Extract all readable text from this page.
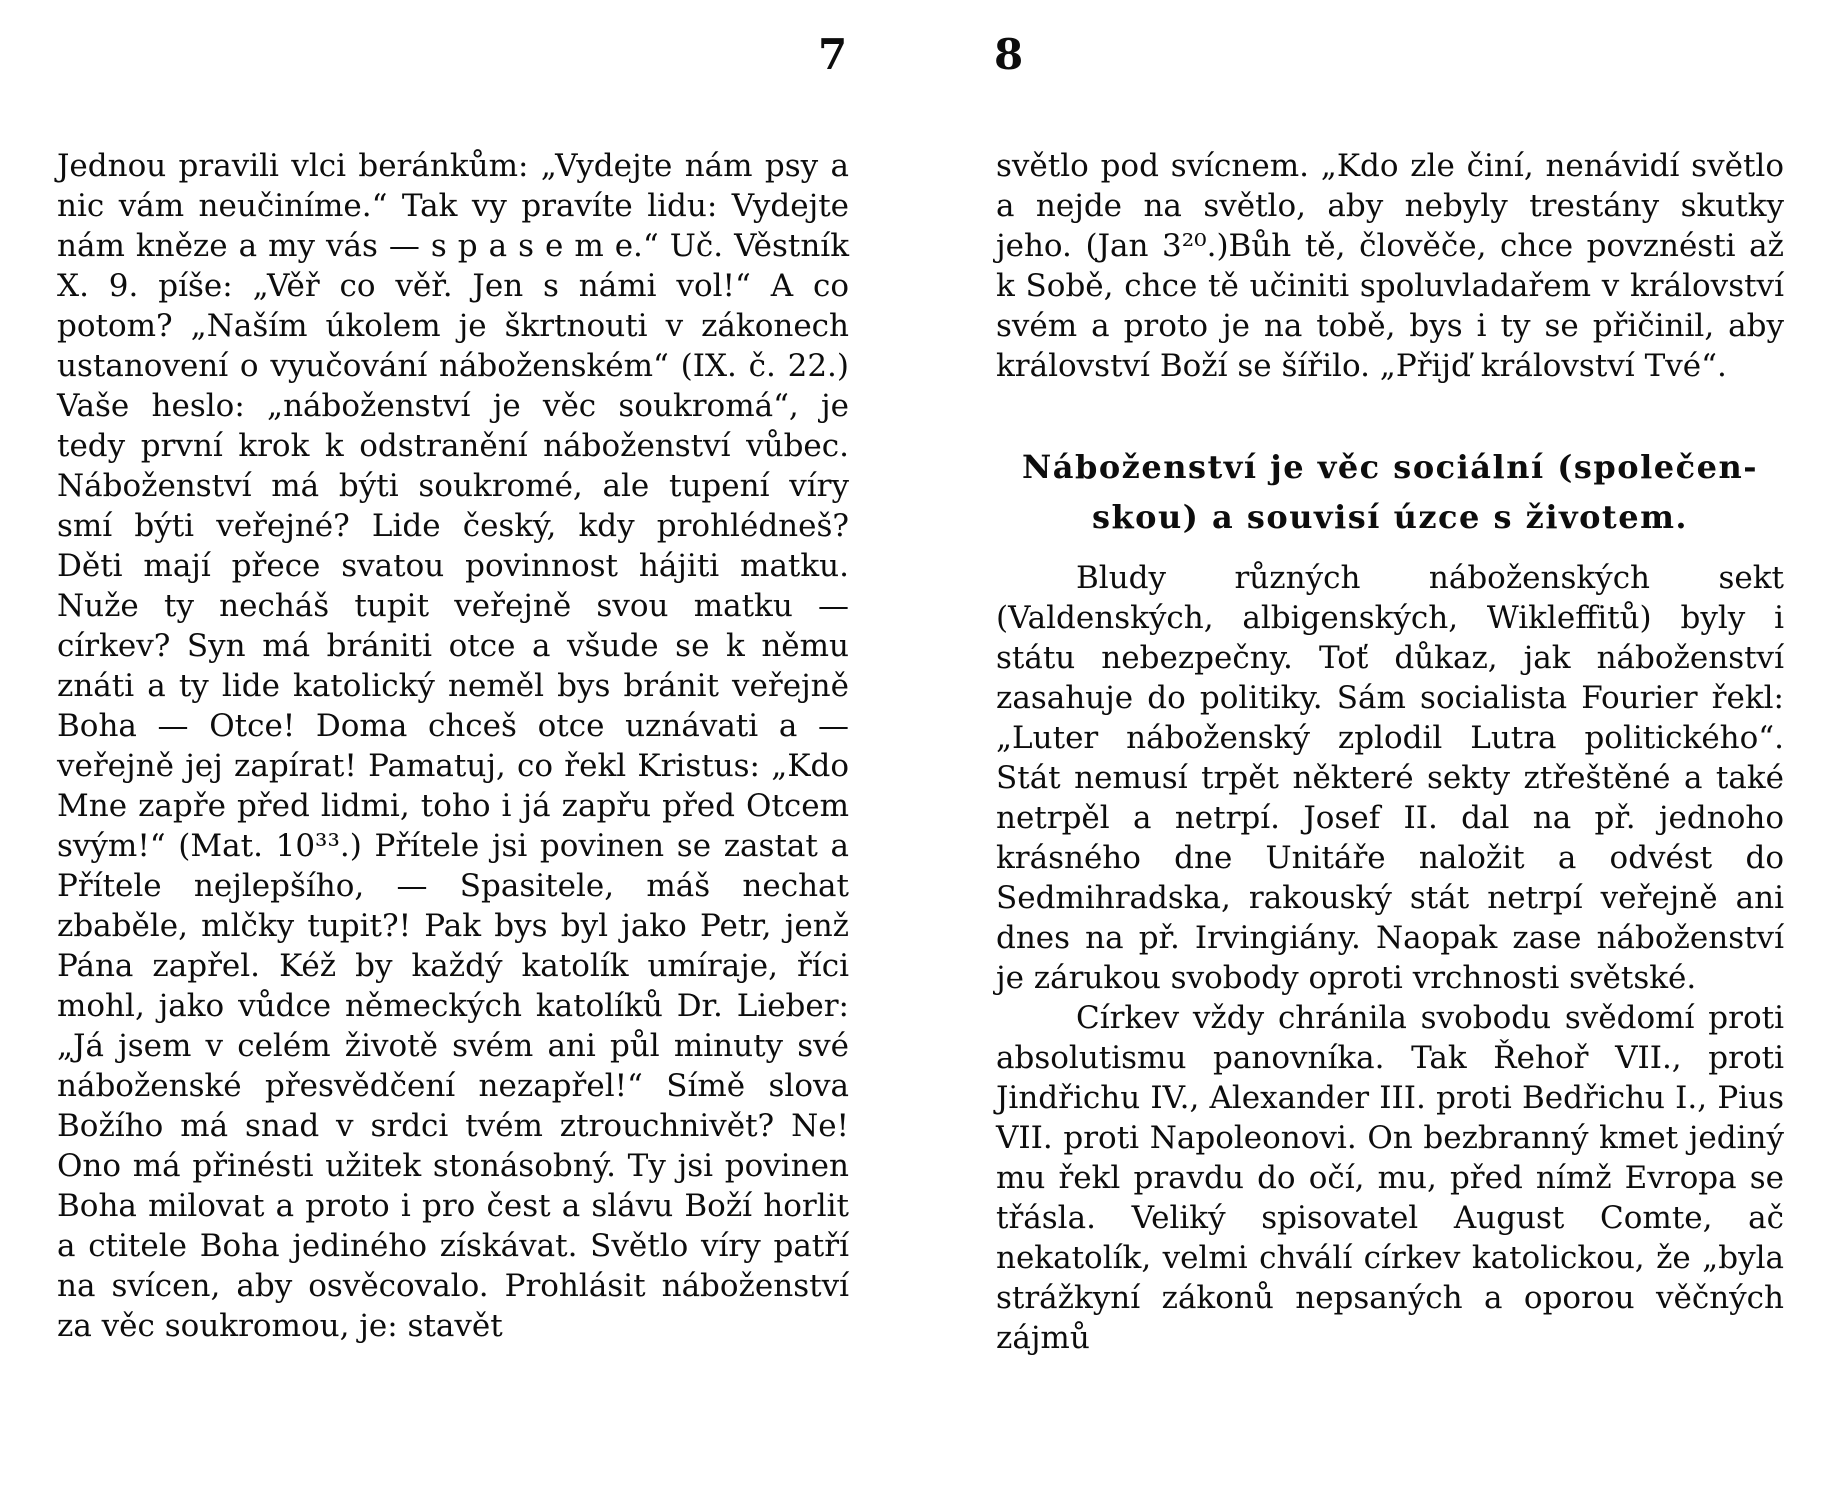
7	8

Jednou pravili vlci beránkům: „Vydejte nám psy a nic vám neučiníme.“ Tak vy pravíte lidu: Vydejte nám kněze a my vás — s p a s e m e.“ Uč. Věstník X. 9. píše: „Věř co věř. Jen s námi vol!“ A co potom? „Naším úkolem je škrtnouti v zákonech ustanovení o vyučování náboženském“ (IX. č. 22.) Vaše heslo: „náboženství je věc soukromá“, je tedy první krok k odstranění náboženství vůbec. Náboženství má býti soukromé, ale tupení víry smí býti veřejné? Lide český, kdy prohlédneš? Děti mají přece svatou povinnost hájiti matku. Nuže ty necháš tupit veřejně svou matku — církev? Syn má brániti otce a všude se k němu znáti a ty lide katolický neměl bys bránit veřejně Boha — Otce! Doma chceš otce uznávati a — veřejně jej zapírat! Pamatuj, co řekl Kristus: „Kdo Mne zapře před lidmi, toho i já zapřu před Otcem svým!“ (Mat. 10³³.) Přítele jsi povinen se zastat a Přítele nejlepšího, — Spasitele, máš nechat zbaběle, mlčky tupit?! Pak bys byl jako Petr, jenž Pána zapřel. Kéž by každý katolík umíraje, říci mohl, jako vůdce německých katolíků Dr. Lieber: „Já jsem v celém životě svém ani půl minuty své náboženské přesvědčení nezapřel!“ Símě slova Božího má snad v srdci tvém ztrouchnivět? Ne! Ono má přinésti užitek stonásobný. Ty jsi povinen Boha milovat a proto i pro čest a slávu Boží horlit a ctitele Boha jediného získávat. Světlo víry patří na svícen, aby osvěcovalo. Prohlásit náboženství za věc soukromou, je: stavět

světlo pod svícnem. „Kdo zle činí, nenávidí světlo a nejde na světlo, aby nebyly trestány skutky jeho. (Jan 3²⁰.)Bůh tě, člověče, chce povznésti až k Sobě, chce tě učiniti spoluvladařem v království svém a proto je na tobě, bys i ty se přičinil, aby království Boží se šířilo. „Přijď království Tvé“.

Náboženství je věc sociální (společen-
skou) a souvisí úzce s životem.

Bludy různých náboženských sekt (Valdenských, albigenských, Wikleffitů) byly i státu nebezpečny. Toť důkaz, jak náboženství zasahuje do politiky. Sám socialista Fourier řekl: „Luter náboženský zplodil Lutra politického“. Stát nemusí trpět některé sekty ztřeštěné a také netrpěl a netrpí. Josef II. dal na př. jednoho krásného dne Unitáře naložit a odvést do Sedmihradska, rakouský stát netrpí veřejně ani dnes na př. Irvingiány. Naopak zase náboženství je zárukou svobody oproti vrchnosti světské.

Církev vždy chránila svobodu svědomí proti absolutismu panovníka. Tak Řehoř VII., proti Jindřichu IV., Alexander III. proti Bedřichu I., Pius VII. proti Napoleonovi. On bezbranný kmet jediný mu řekl pravdu do očí, mu, před nímž Evropa se třásla. Veliký spisovatel August Comte, ač nekatolík, velmi chválí církev katolickou, že „byla strážkyní zákonů nepsaných a oporou věčných zájmů
